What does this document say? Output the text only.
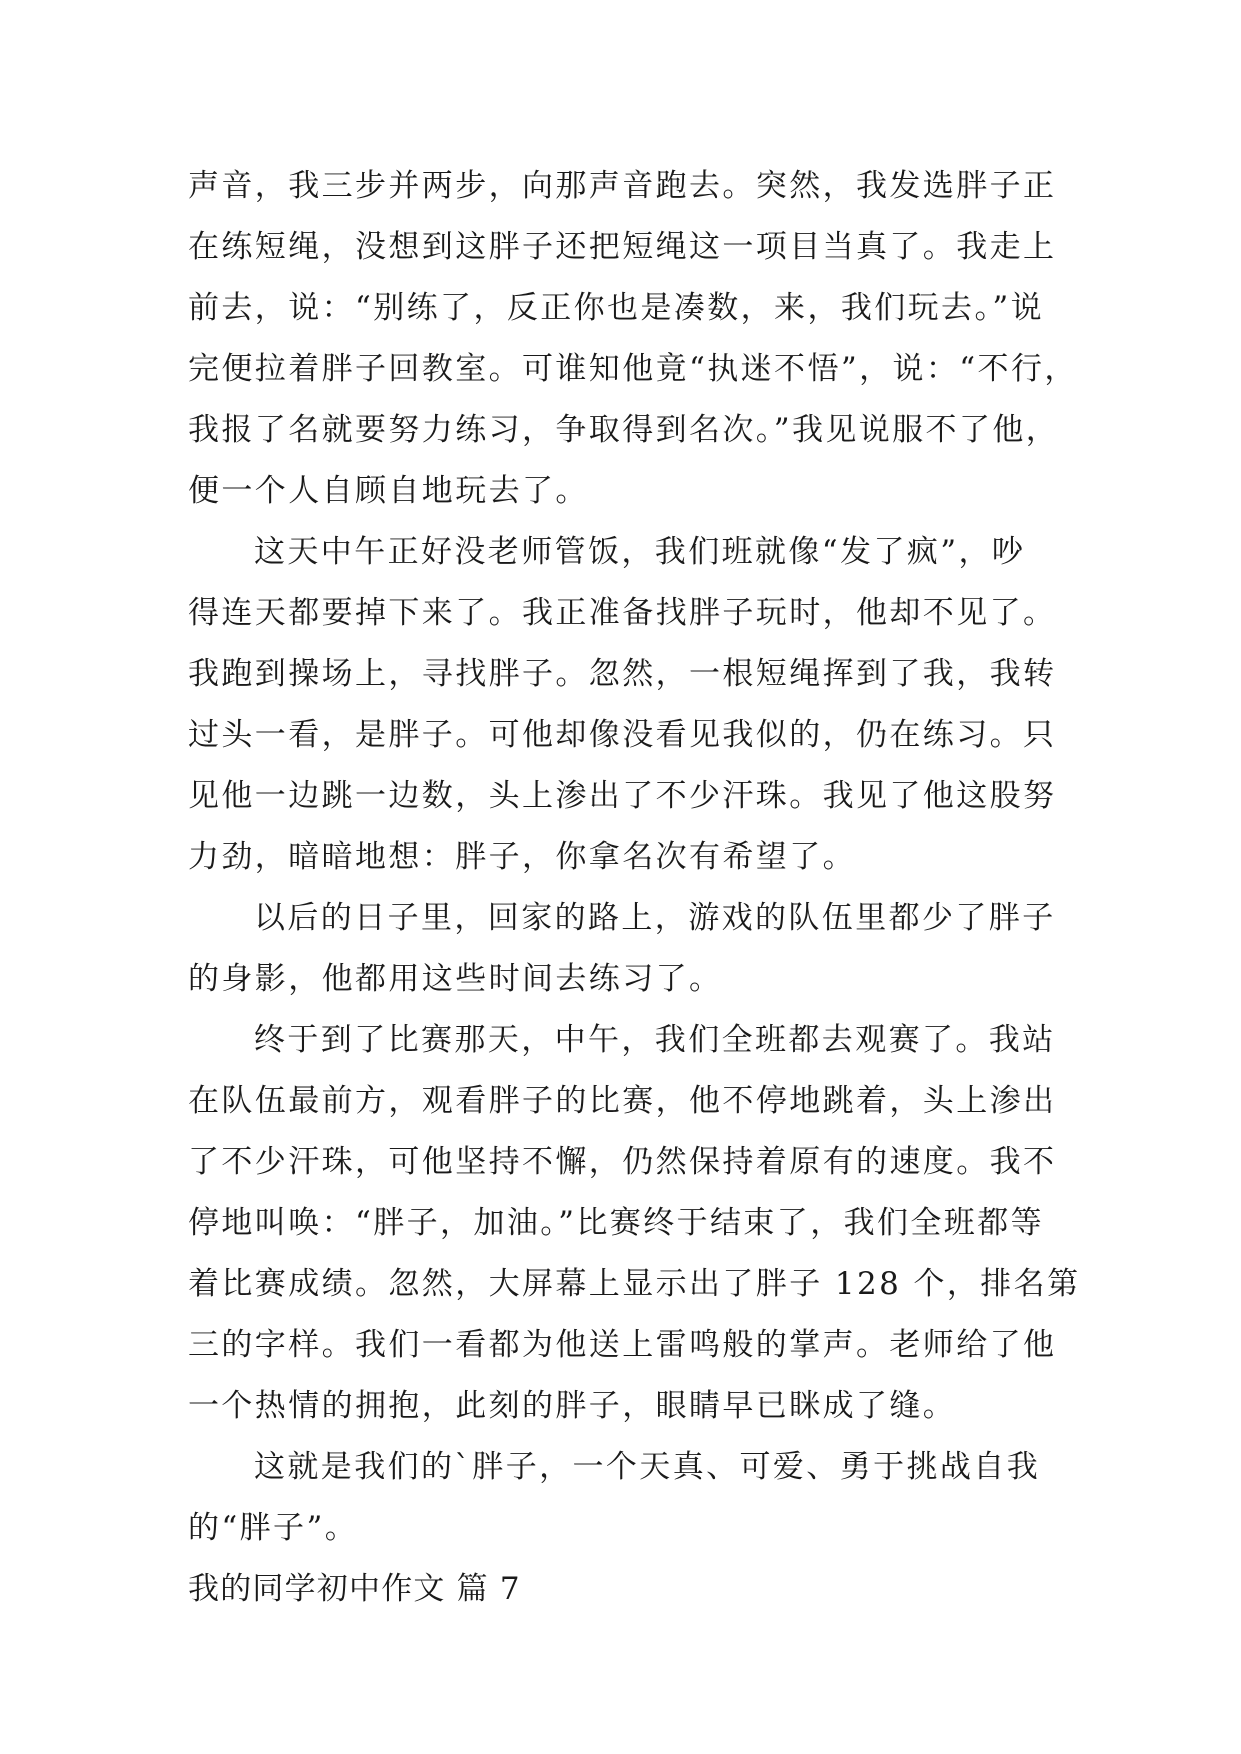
声音，我三步并两步，向那声音跑去。突然，我发选胖子正
在练短绳，没想到这胖子还把短绳这一项目当真了。我走上
前去，说：“别练了，反正你也是凑数，来，我们玩去。”说
完便拉着胖子回教室。可谁知他竟“执迷不悟”，说：“不行，
我报了名就要努力练习，争取得到名次。”我见说服不了他，
便一个人自顾自地玩去了。
这天中午正好没老师管饭，我们班就像“发了疯”，吵
得连天都要掉下来了。我正准备找胖子玩时，他却不见了。
我跑到操场上，寻找胖子。忽然，一根短绳挥到了我，我转
过头一看，是胖子。可他却像没看见我似的，仍在练习。只
见他一边跳一边数，头上渗出了不少汗珠。我见了他这股努
力劲，暗暗地想：胖子，你拿名次有希望了。
以后的日子里，回家的路上，游戏的队伍里都少了胖子
的身影，他都用这些时间去练习了。
终于到了比赛那天，中午，我们全班都去观赛了。我站
在队伍最前方，观看胖子的比赛，他不停地跳着，头上渗出
了不少汗珠，可他坚持不懈，仍然保持着原有的速度。我不
停地叫唤：“胖子，加油。”比赛终于结束了，我们全班都等
着比赛成绩。忽然，大屏幕上显示出了胖子 128 个，排名第
三的字样。我们一看都为他送上雷鸣般的掌声。老师给了他
一个热情的拥抱，此刻的胖子，眼睛早已眯成了缝。
这就是我们的`胖子，一个天真、可爱、勇于挑战自我
的“胖子”。
我的同学初中作文 篇 7
